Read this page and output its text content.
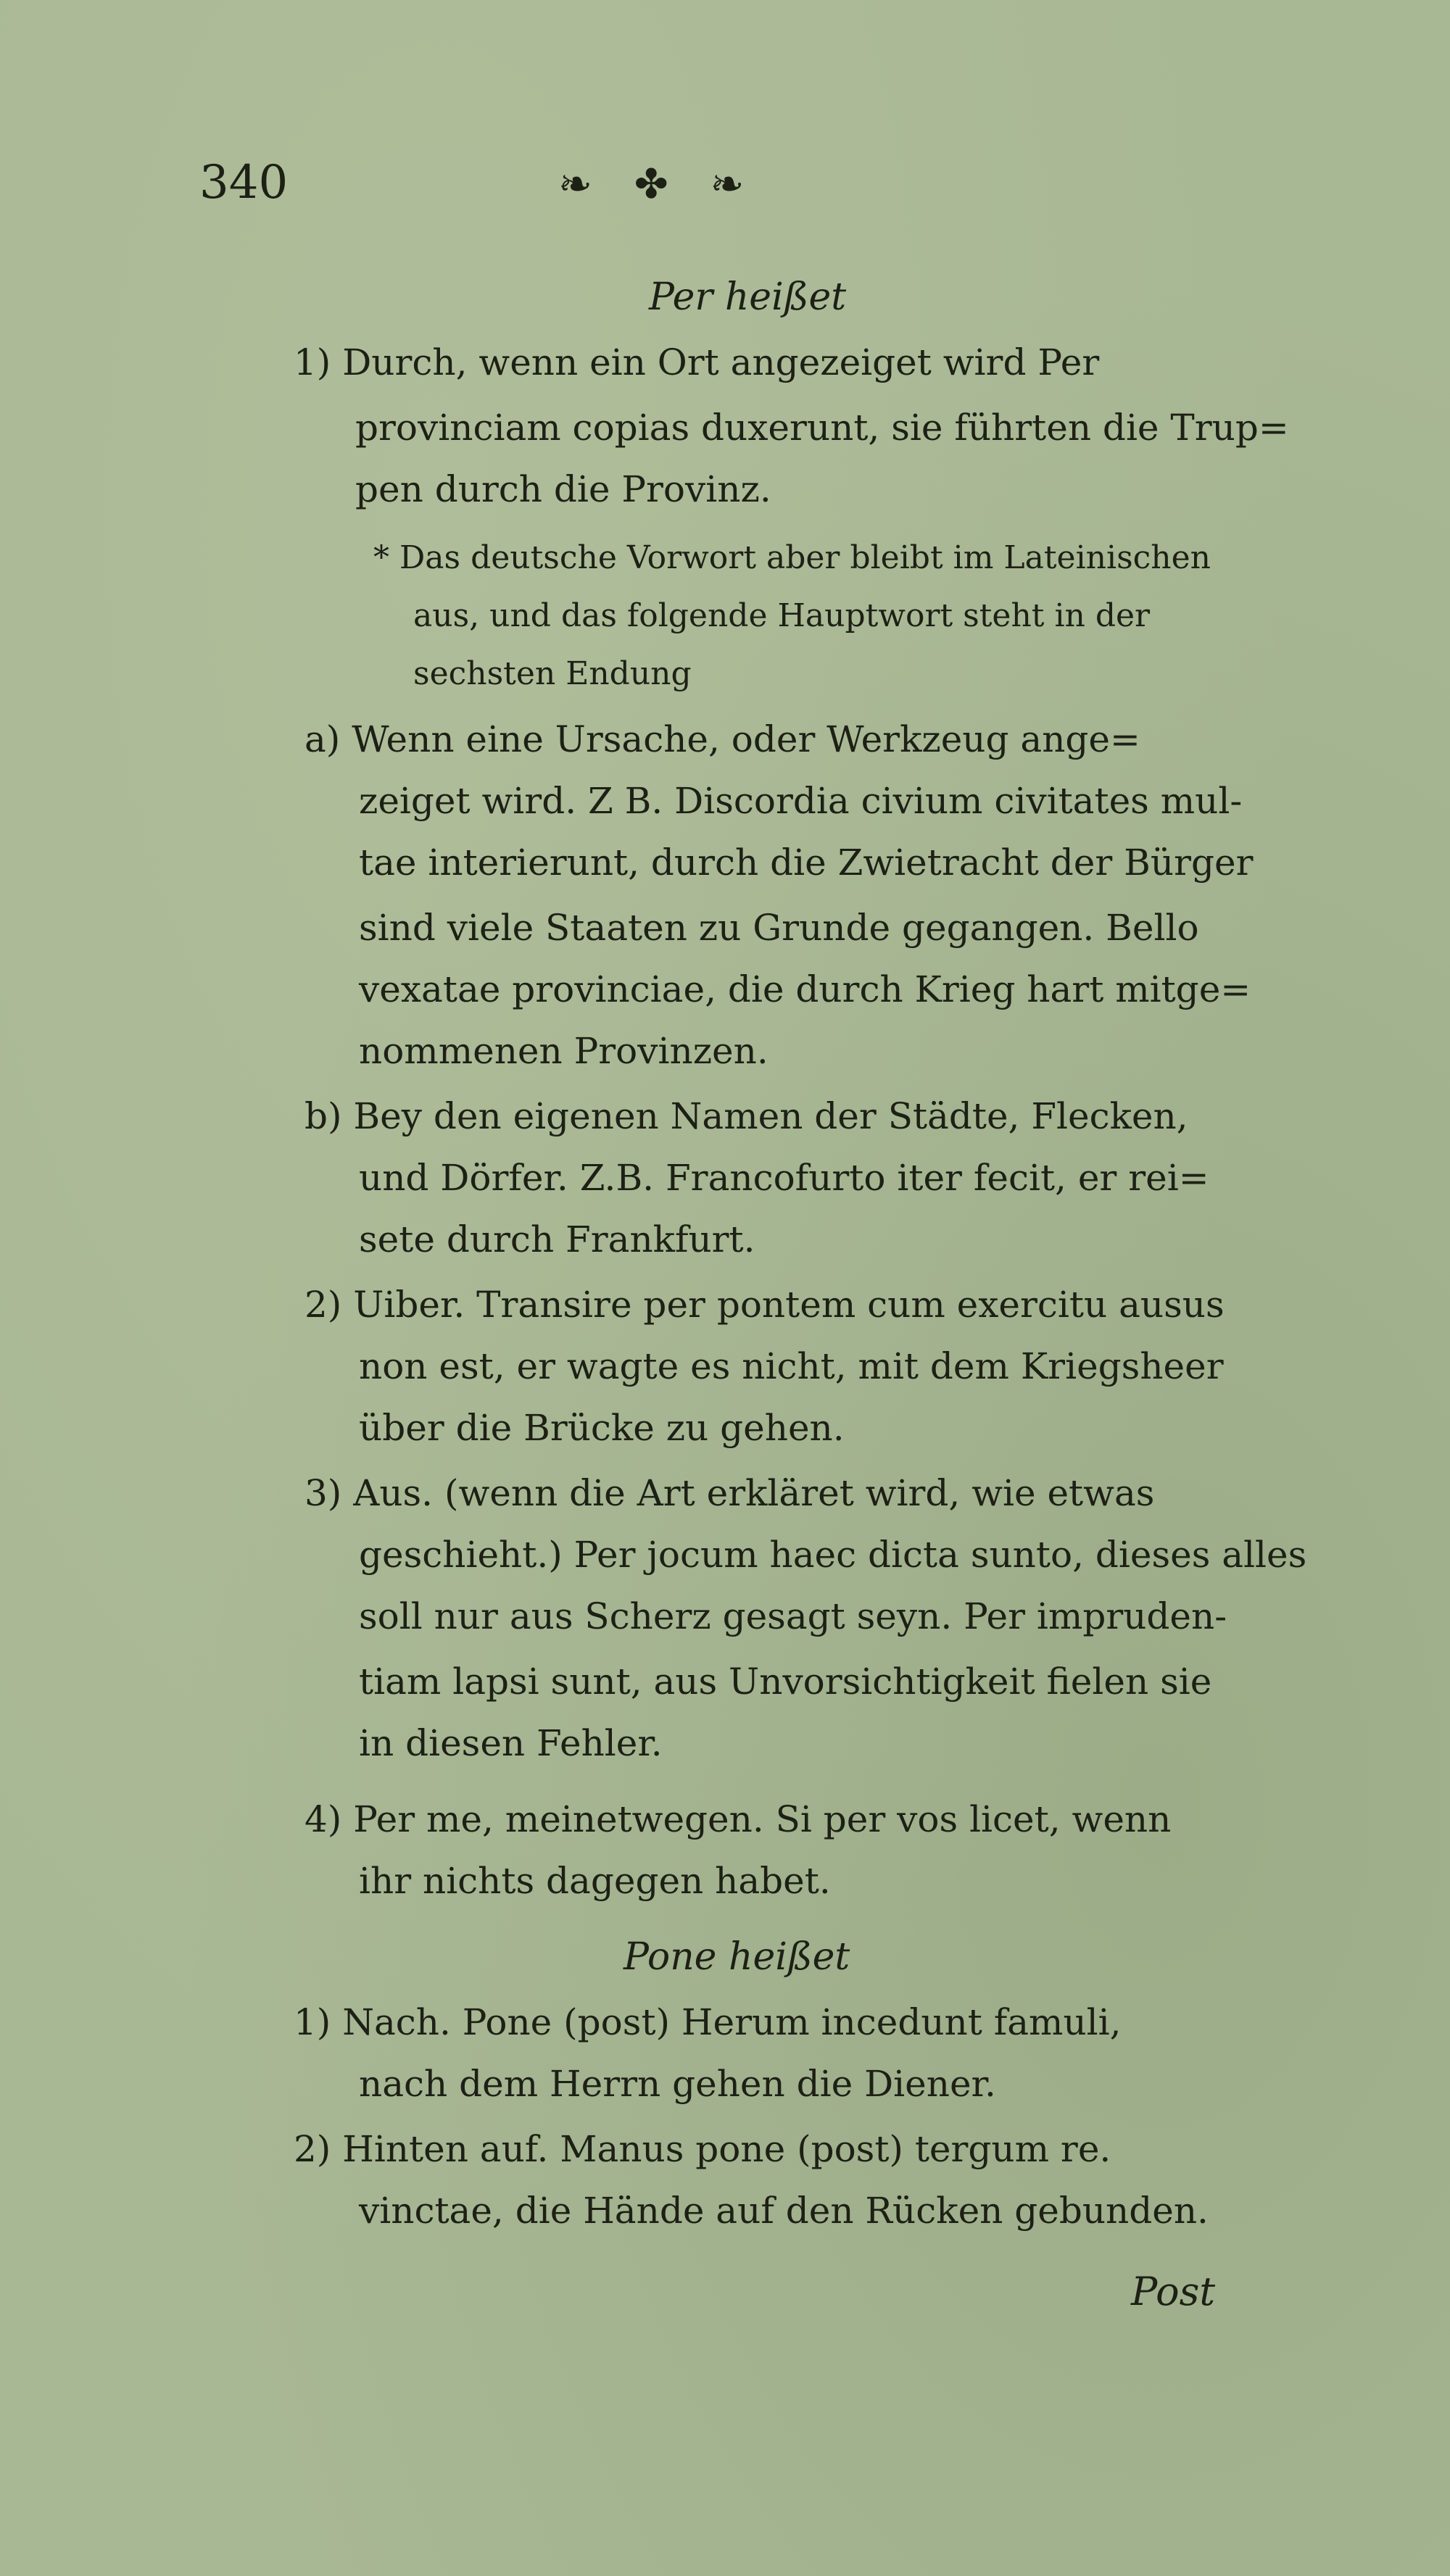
340	❧ ✤ ❧
Per heißet
1) Durch, wenn ein Ort angezeiget wird Per
provinciam copias duxerunt, sie führten die Trup=
pen durch die Provinz.
* Das deutsche Vorwort aber bleibt im Lateinischen
aus, und das folgende Hauptwort steht in der
sechsten Endung
a) Wenn eine Ursache, oder Werkzeug ange=
zeiget wird. Z B. Discordia civium civitates mul-
tae interierunt, durch die Zwietracht der Bürger
sind viele Staaten zu Grunde gegangen. Bello
vexatae provinciae, die durch Krieg hart mitge=
nommenen Provinzen.
b) Bey den eigenen Namen der Städte, Flecken,
und Dörfer. Z.B. Francofurto iter fecit, er rei=
sete durch Frankfurt.
2) Uiber. Transire per pontem cum exercitu ausus
non est, er wagte es nicht, mit dem Kriegsheer
über die Brücke zu gehen.
3) Aus. (wenn die Art erkläret wird, wie etwas
geschieht.) Per jocum haec dicta sunto, dieses alles
soll nur aus Scherz gesagt seyn. Per impruden-
tiam lapsi sunt, aus Unvorsichtigkeit fielen sie
in diesen Fehler.
4) Per me, meinetwegen. Si per vos licet, wenn
ihr nichts dagegen habet.
Pone heißet
1) Nach. Pone (post) Herum incedunt famuli,
nach dem Herrn gehen die Diener.
2) Hinten auf. Manus pone (post) tergum re.
vinctae, die Hände auf den Rücken gebunden.
Post
